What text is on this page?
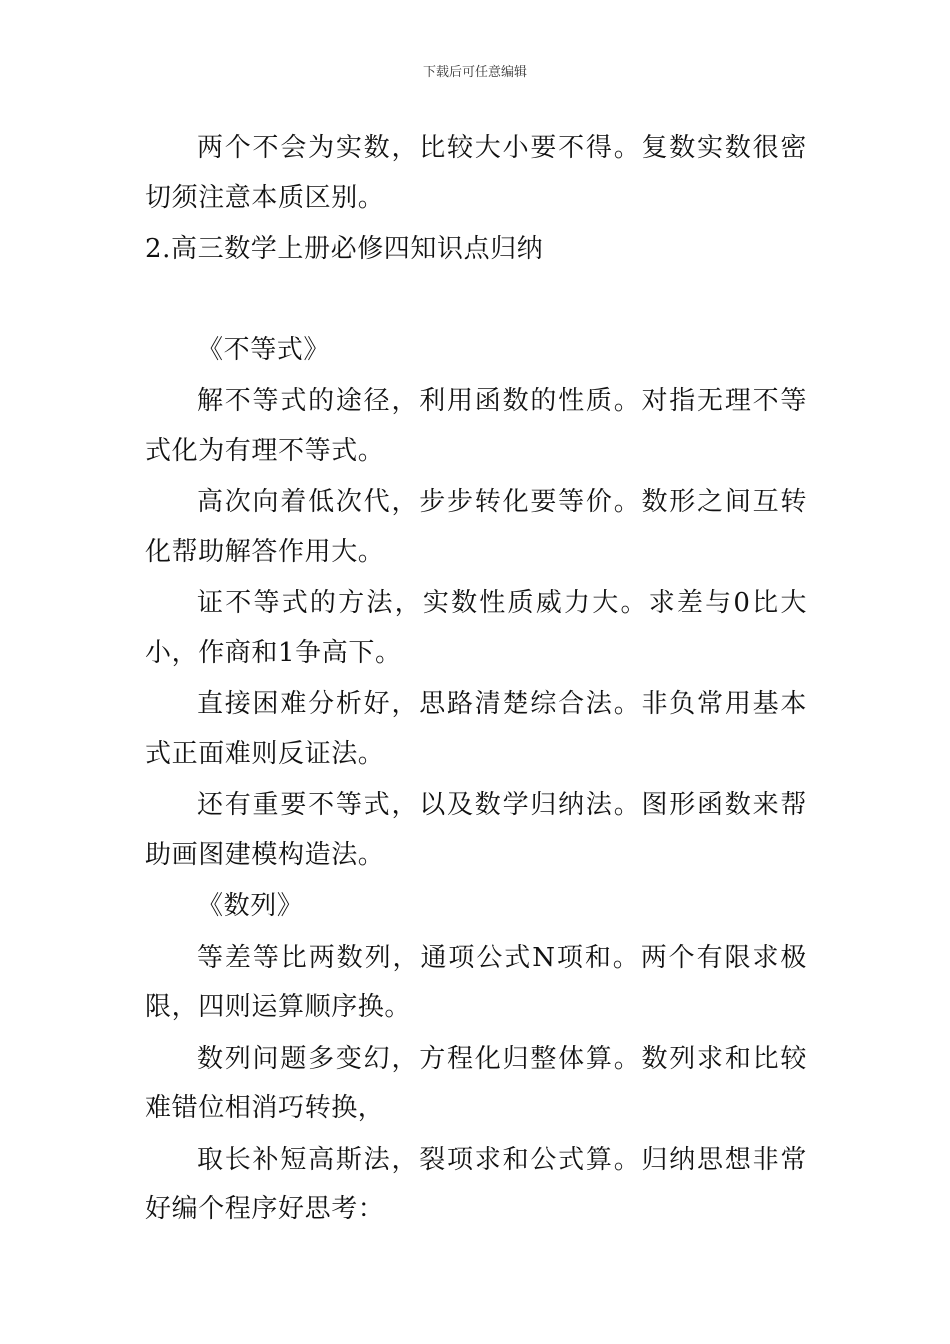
下载后可任意编辑

两个不会为实数，比较大小要不得。复数实数很密切须注意本质区别。

2.高三数学上册必修四知识点归纳

《不等式》

解不等式的途径，利用函数的性质。对指无理不等式化为有理不等式。

高次向着低次代，步步转化要等价。数形之间互转化帮助解答作用大。

证不等式的方法，实数性质威力大。求差与0比大小，作商和1争高下。

直接困难分析好，思路清楚综合法。非负常用基本式正面难则反证法。

还有重要不等式，以及数学归纳法。图形函数来帮助画图建模构造法。

《数列》

等差等比两数列，通项公式N项和。两个有限求极限，四则运算顺序换。

数列问题多变幻，方程化归整体算。数列求和比较难错位相消巧转换，

取长补短高斯法，裂项求和公式算。归纳思想非常好编个程序好思考：
